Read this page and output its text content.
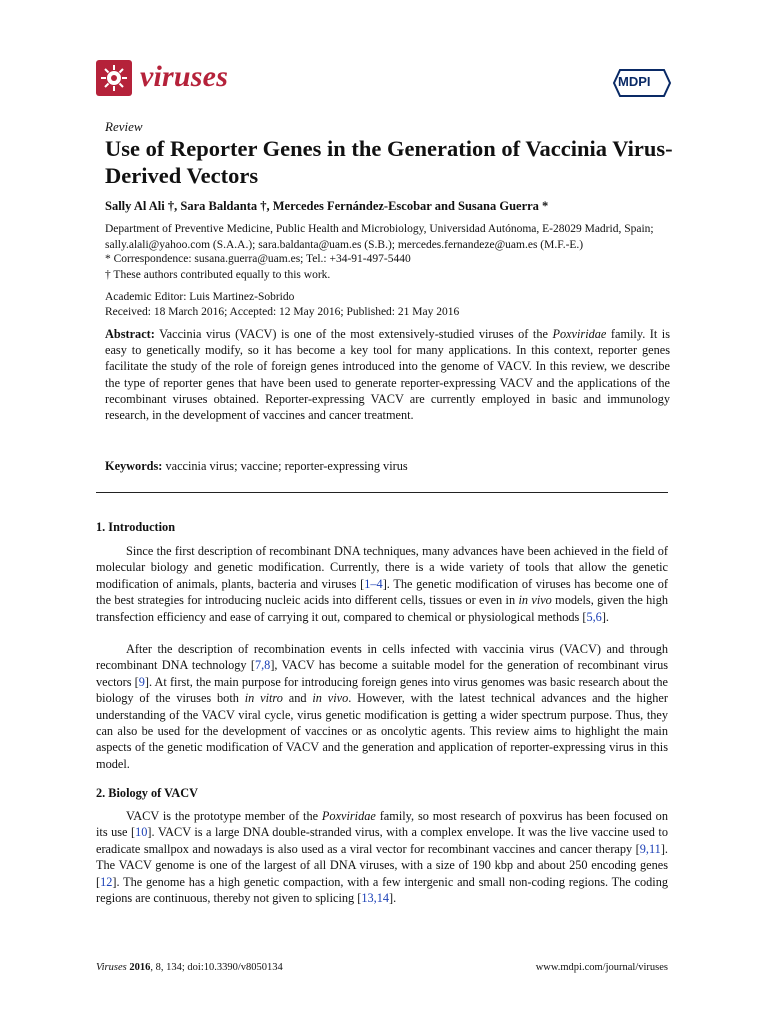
viruses	MDPI
Review
Use of Reporter Genes in the Generation of Vaccinia Virus-Derived Vectors
Sally Al Ali †, Sara Baldanta †, Mercedes Fernández-Escobar and Susana Guerra *
Department of Preventive Medicine, Public Health and Microbiology, Universidad Autónoma, E-28029 Madrid, Spain; sally.alali@yahoo.com (S.A.A.); sara.baldanta@uam.es (S.B.); mercedes.fernandeze@uam.es (M.F.-E.)
* Correspondence: susana.guerra@uam.es; Tel.: +34-91-497-5440
† These authors contributed equally to this work.
Academic Editor: Luis Martinez-Sobrido
Received: 18 March 2016; Accepted: 12 May 2016; Published: 21 May 2016
Abstract: Vaccinia virus (VACV) is one of the most extensively-studied viruses of the Poxviridae family. It is easy to genetically modify, so it has become a key tool for many applications. In this context, reporter genes facilitate the study of the role of foreign genes introduced into the genome of VACV. In this review, we describe the type of reporter genes that have been used to generate reporter-expressing VACV and the applications of the recombinant viruses obtained. Reporter-expressing VACV are currently employed in basic and immunology research, in the development of vaccines and cancer treatment.
Keywords: vaccinia virus; vaccine; reporter-expressing virus
1. Introduction

Since the first description of recombinant DNA techniques, many advances have been achieved in the field of molecular biology and genetic modification. Currently, there is a wide variety of tools that allow the genetic modification of animals, plants, bacteria and viruses [1–4]. The genetic modification of viruses has become one of the best strategies for introducing nucleic acids into different cells, tissues or even in in vivo models, given the high transfection efficiency and ease of carrying it out, compared to chemical or physiological methods [5,6].

After the description of recombination events in cells infected with vaccinia virus (VACV) and through recombinant DNA technology [7,8], VACV has become a suitable model for the generation of recombinant virus vectors [9]. At first, the main purpose for introducing foreign genes into virus genomes was basic research about the biology of the viruses both in vitro and in vivo. However, with the latest technical advances and the higher understanding of the VACV viral cycle, virus genetic modification is getting a wider spectrum purpose. Thus, they can also be used for the development of vaccines or as oncolytic agents. This review aims to highlight the main aspects of the genetic modification of VACV and the generation and application of reporter-expressing virus in this model.

2. Biology of VACV

VACV is the prototype member of the Poxviridae family, so most research of poxvirus has been focused on its use [10]. VACV is a large DNA double-stranded virus, with a complex envelope. It was the live vaccine used to eradicate smallpox and nowadays is also used as a viral vector for recombinant vaccines and cancer therapy [9,11]. The VACV genome is one of the largest of all DNA viruses, with a size of 190 kbp and about 250 encoding genes [12]. The genome has a high genetic compaction, with a few intergenic and small non-coding regions. The coding regions are continuous, thereby not given to splicing [13,14].

Viruses 2016, 8, 134; doi:10.3390/v8050134	www.mdpi.com/journal/viruses
